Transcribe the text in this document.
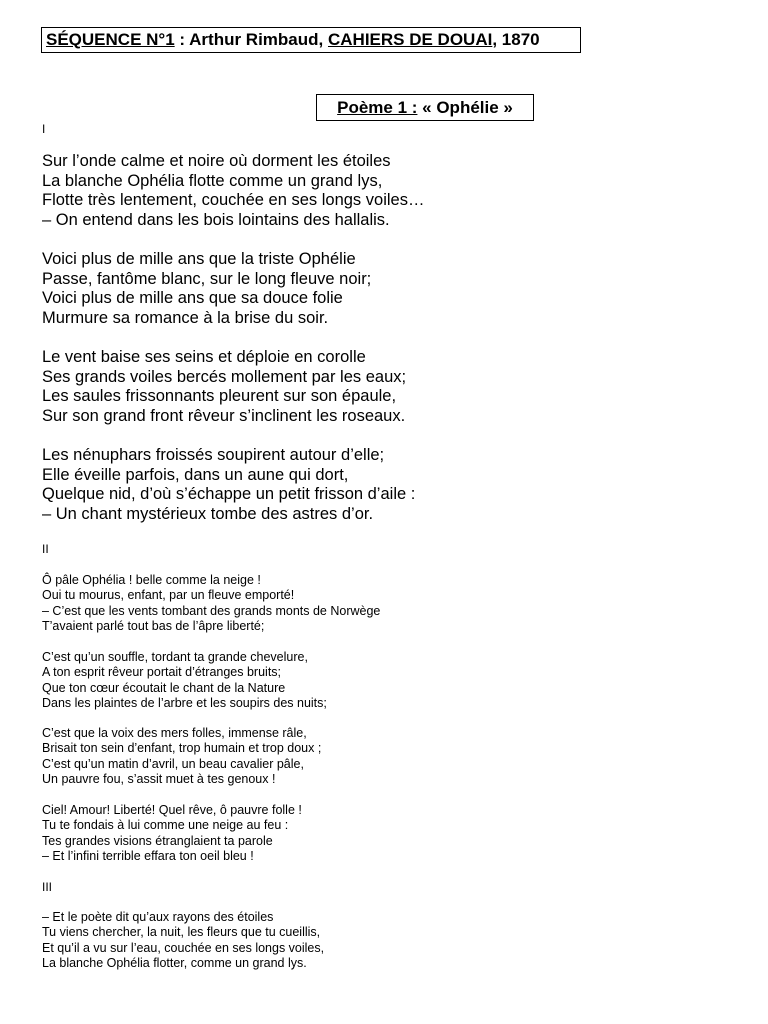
SÉQUENCE N°1 : Arthur Rimbaud, CAHIERS DE DOUAI, 1870
Poème 1 : « Ophélie »
I
Sur l’onde calme et noire où dorment les étoiles
La blanche Ophélia flotte comme un grand lys,
Flotte très lentement, couchée en ses longs voiles…
– On entend dans les bois lointains des hallalis.
Voici plus de mille ans que la triste Ophélie
Passe, fantôme blanc, sur le long fleuve noir;
Voici plus de mille ans que sa douce folie
Murmure sa romance à la brise du soir.
Le vent baise ses seins et déploie en corolle
Ses grands voiles bercés mollement par les eaux;
Les saules frissonnants pleurent sur son épaule,
Sur son grand front rêveur s’inclinent les roseaux.
Les nénuphars froissés soupirent autour d’elle;
Elle éveille parfois, dans un aune qui dort,
Quelque nid, d’où s’échappe un petit frisson d’aile :
– Un chant mystérieux tombe des astres d’or.
II
Ô pâle Ophélia ! belle comme la neige !
Oui tu mourus, enfant, par un fleuve emporté!
– C’est que les vents tombant des grands monts de Norwège
T’avaient parlé tout bas de l’âpre liberté;
C’est qu’un souffle, tordant ta grande chevelure,
A ton esprit rêveur portait d’étranges bruits;
Que ton cœur écoutait le chant de la Nature
Dans les plaintes de l’arbre et les soupirs des nuits;
C’est que la voix des mers folles, immense râle,
Brisait ton sein d’enfant, trop humain et trop doux ;
C’est qu’un matin d’avril, un beau cavalier pâle,
Un pauvre fou, s’assit muet à tes genoux !
Ciel! Amour! Liberté! Quel rêve, ô pauvre folle !
Tu te fondais à lui comme une neige au feu :
Tes grandes visions étranglaient ta parole
– Et l’infini terrible effara ton oeil bleu !
III
– Et le poète dit qu’aux rayons des étoiles
Tu viens chercher, la nuit, les fleurs que tu cueillis,
Et qu’il a vu sur l’eau, couchée en ses longs voiles,
La blanche Ophélia flotter, comme un grand lys.
